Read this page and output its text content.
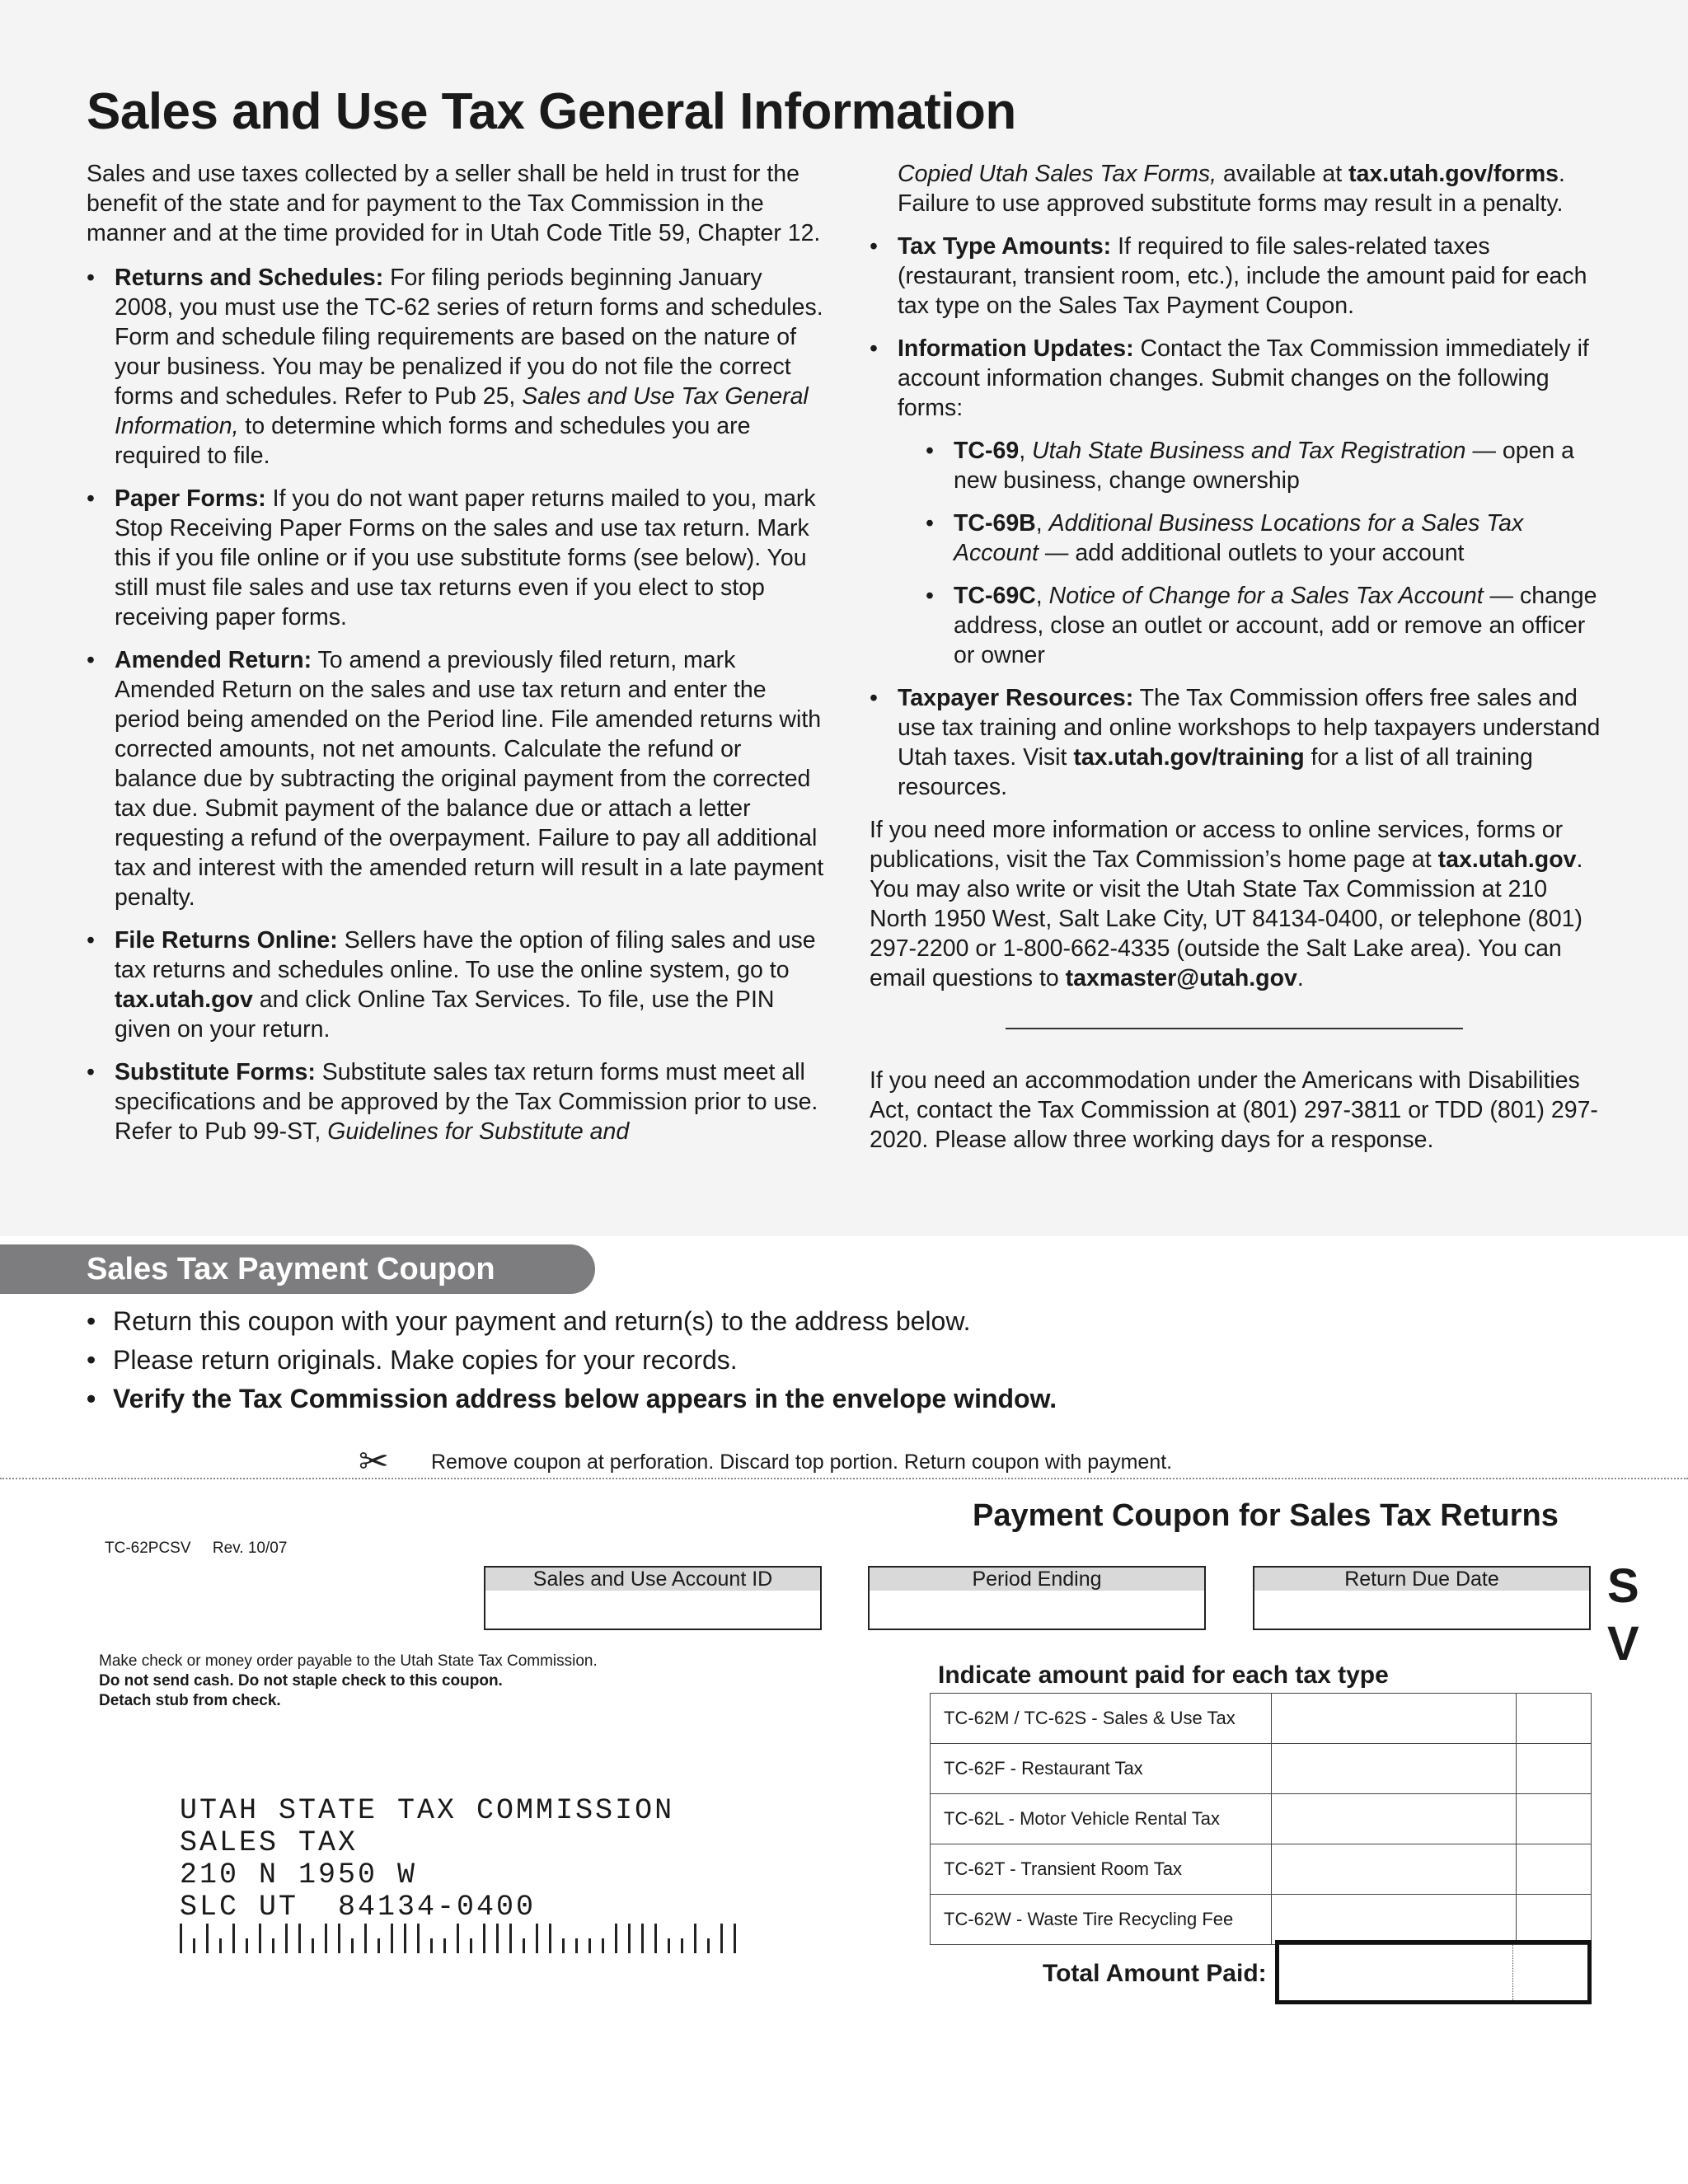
Sales and Use Tax General Information

Sales and use taxes collected by a seller shall be held in trust for the benefit of the state and for payment to the Tax Commission in the manner and at the time provided for in Utah Code Title 59, Chapter 12.

• Returns and Schedules: For filing periods beginning January 2008, you must use the TC-62 series of return forms and schedules. Form and schedule filing requirements are based on the nature of your business. You may be penalized if you do not file the correct forms and schedules. Refer to Pub 25, Sales and Use Tax General Information, to determine which forms and schedules you are required to file.
• Paper Forms: If you do not want paper returns mailed to you, mark Stop Receiving Paper Forms on the sales and use tax return. Mark this if you file online or if you use substitute forms (see below). You still must file sales and use tax returns even if you elect to stop receiving paper forms.
• Amended Return: To amend a previously filed return, mark Amended Return on the sales and use tax return and enter the period being amended on the Period line. File amended returns with corrected amounts, not net amounts. Calculate the refund or balance due by subtracting the original payment from the corrected tax due. Submit payment of the balance due or attach a letter requesting a refund of the overpayment. Failure to pay all additional tax and interest with the amended return will result in a late payment penalty.
• File Returns Online: Sellers have the option of filing sales and use tax returns and schedules online. To use the online system, go to tax.utah.gov and click Online Tax Services. To file, use the PIN given on your return.
• Substitute Forms: Substitute sales tax return forms must meet all specifications and be approved by the Tax Commission prior to use. Refer to Pub 99-ST, Guidelines for Substitute and
Copied Utah Sales Tax Forms, available at tax.utah.gov/forms. Failure to use approved substitute forms may result in a penalty.
• Tax Type Amounts: If required to file sales-related taxes (restaurant, transient room, etc.), include the amount paid for each tax type on the Sales Tax Payment Coupon.
• Information Updates: Contact the Tax Commission immediately if account information changes. Submit changes on the following forms:
• TC-69, Utah State Business and Tax Registration — open a new business, change ownership
• TC-69B, Additional Business Locations for a Sales Tax Account — add additional outlets to your account
• TC-69C, Notice of Change for a Sales Tax Account — change address, close an outlet or account, add or remove an officer or owner
• Taxpayer Resources: The Tax Commission offers free sales and use tax training and online workshops to help taxpayers understand Utah taxes. Visit tax.utah.gov/training for a list of all training resources.

If you need more information or access to online services, forms or publications, visit the Tax Commission’s home page at tax.utah.gov. You may also write or visit the Utah State Tax Commission at 210 North 1950 West, Salt Lake City, UT 84134-0400, or telephone (801) 297-2200 or 1-800-662-4335 (outside the Salt Lake area). You can email questions to taxmaster@utah.gov.

If you need an accommodation under the Americans with Disabilities Act, contact the Tax Commission at (801) 297-3811 or TDD (801) 297-2020. Please allow three working days for a response.

Sales Tax Payment Coupon
• Return this coupon with your payment and return(s) to the address below.
• Please return originals. Make copies for your records.
• Verify the Tax Commission address below appears in the envelope window.
✂ Remove coupon at perforation. Discard top portion. Return coupon with payment.
Payment Coupon for Sales Tax Returns
TC-62PCSV     Rev. 10/07
Sales and Use Account ID	Period Ending	Return Due Date	S
V
Make check or money order payable to the Utah State Tax Commission.
Do not send cash. Do not staple check to this coupon.
Detach stub from check.
Indicate amount paid for each tax type
TC-62M / TC-62S - Sales & Use Tax		
TC-62F - Restaurant Tax		
TC-62L - Motor Vehicle Rental Tax		
TC-62T - Transient Room Tax		
TC-62W - Waste Tire Recycling Fee		
Total Amount Paid:
UTAH STATE TAX COMMISSION
SALES TAX
210 N 1950 W
SLC UT  84134-0400
